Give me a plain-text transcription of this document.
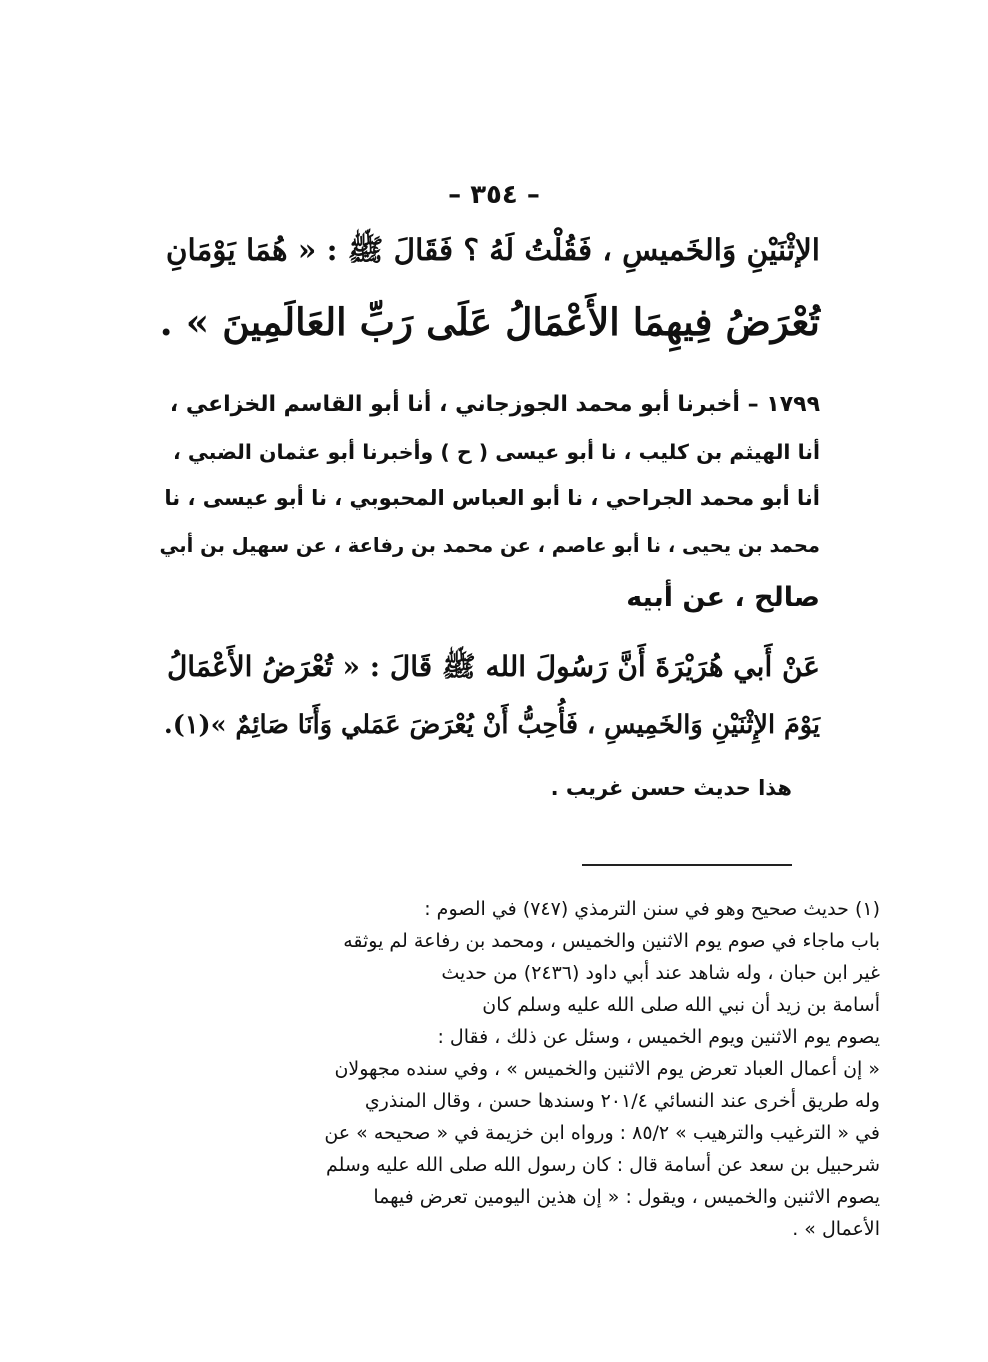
– ٣٥٤ –
الإثْنَيْنِ وَالخَميسِ ، فَقُلْتُ لَهُ ؟ فَقَالَ ﷺ : « هُمَا يَوْمَانِ
تُعْرَضُ فِيهِمَا الأَعْمَالُ عَلَى رَبِّ العَالَمِينَ » .
١٧٩٩ – أخبرنا أبو محمد الجوزجاني ، أنا أبو القاسم الخزاعي ،
أنا الهيثم بن كليب ، نا أبو عيسى ( ح ) وأخبرنا أبو عثمان الضبي ،
أنا أبو محمد الجراحي ، نا أبو العباس المحبوبي ، نا أبو عيسى ، نا
محمد بن يحيى ، نا أبو عاصم ، عن محمد بن رفاعة ، عن سهيل بن أبي
صالح ، عن أبيه
عَنْ أَبي هُرَيْرَةَ أَنَّ رَسُولَ الله ﷺ قَالَ : « تُعْرَضُ الأَعْمَالُ
يَوْمَ الإِثْنَيْنِ وَالخَمِيسِ ، فَأُحِبُّ أَنْ يُعْرَضَ عَمَلي وَأَنَا صَائِمٌ »(١).
هذا حديث حسن غريب .
(١) حديث صحيح وهو في سنن الترمذي (٧٤٧) في الصوم :
باب ماجاء في صوم يوم الاثنين والخميس ، ومحمد بن رفاعة لم يوثقه
غير ابن حبان ، وله شاهد عند أبي داود (٢٤٣٦) من حديث
أسامة بن زيد أن نبي الله صلى الله عليه وسلم كان
يصوم يوم الاثنين ويوم الخميس ، وسئل عن ذلك ، فقال :
« إن أعمال العباد تعرض يوم الاثنين والخميس » ، وفي سنده مجهولان
وله طريق أخرى عند النسائي ٢٠١/٤ وسندها حسن ، وقال المنذري
في « الترغيب والترهيب » ٨٥/٢ : ورواه ابن خزيمة في « صحيحه » عن
شرحبيل بن سعد عن أسامة قال : كان رسول الله صلى الله عليه وسلم
يصوم الاثنين والخميس ، ويقول : « إن هذين اليومين تعرض فيهما
الأعمال » .
